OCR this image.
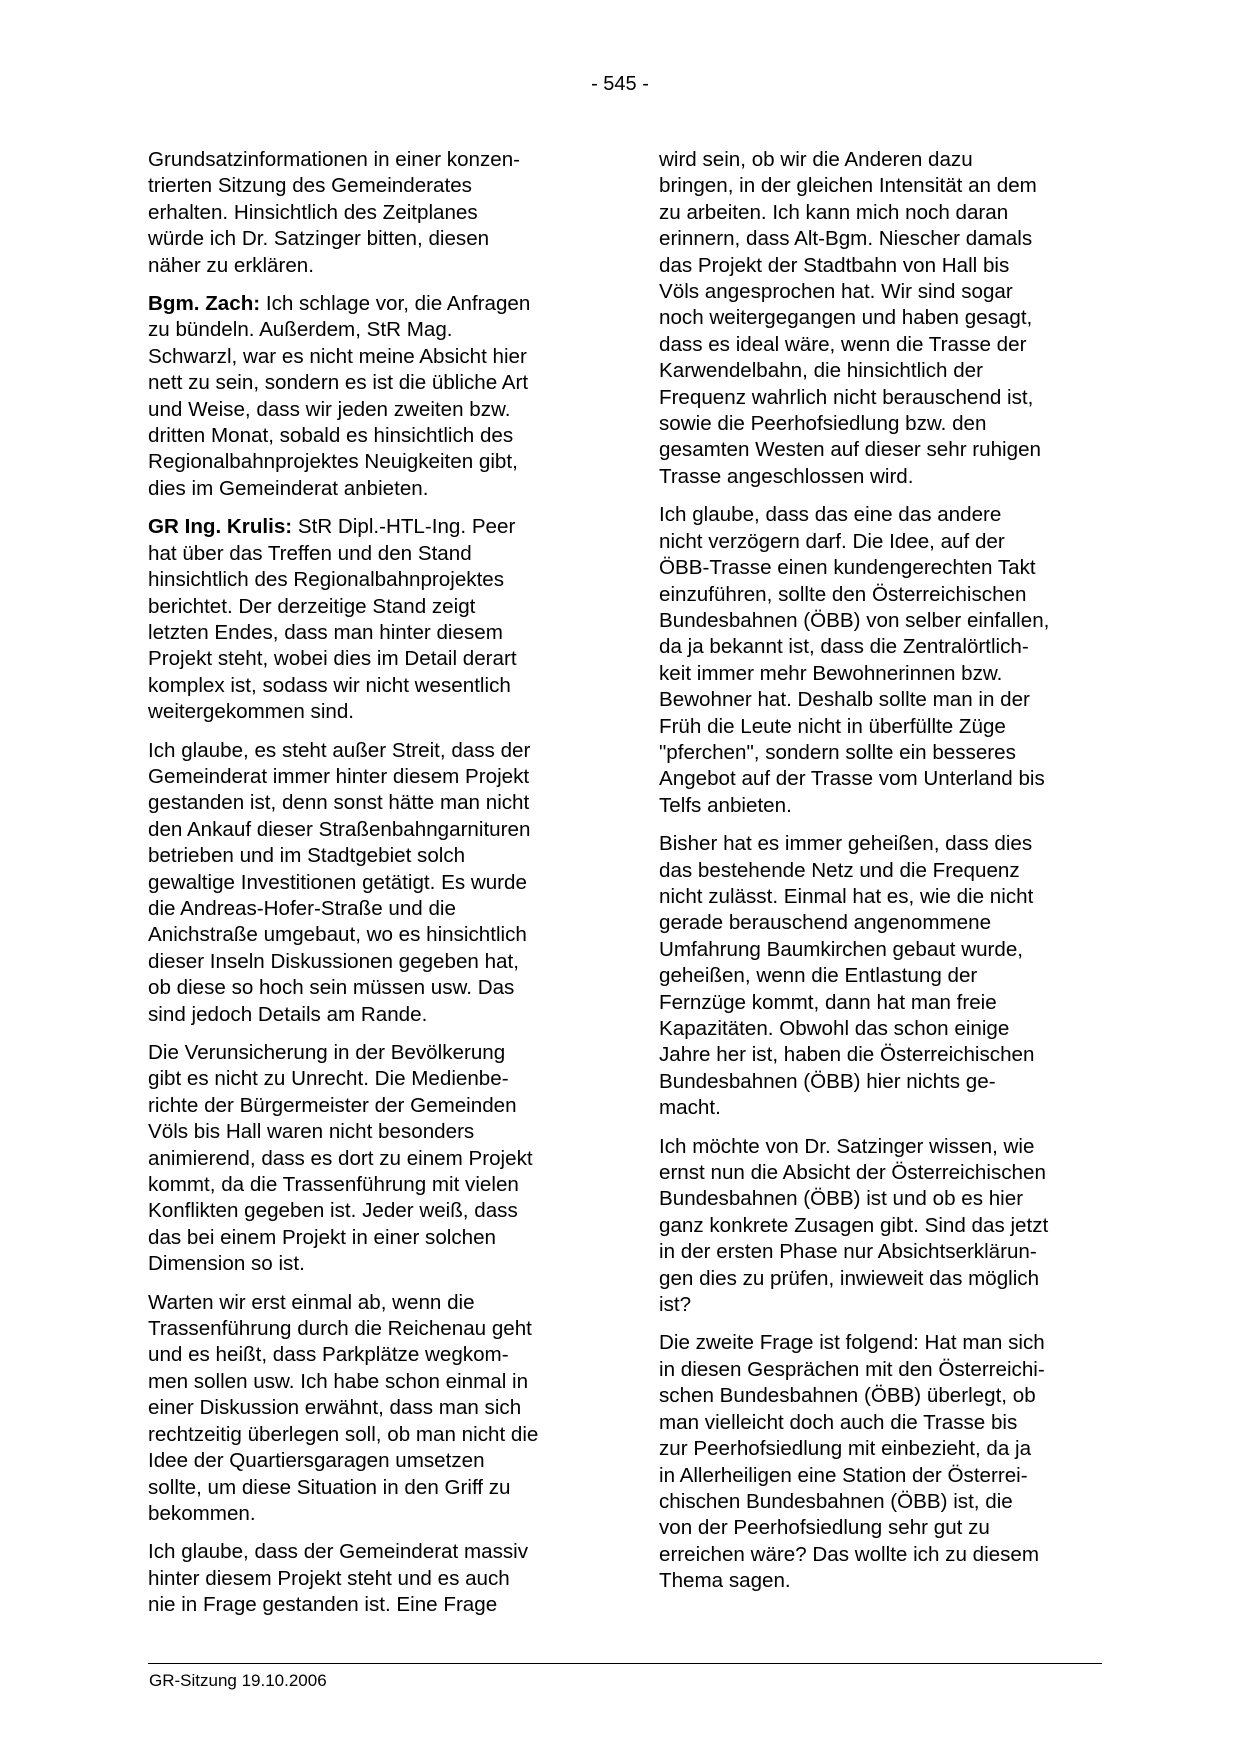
- 545 -

Grundsatzinformationen in einer konzen-
trierten Sitzung des Gemeinderates
erhalten. Hinsichtlich des Zeitplanes
würde ich Dr. Satzinger bitten, diesen
näher zu erklären.

Bgm. Zach: Ich schlage vor, die Anfragen
zu bündeln. Außerdem, StR Mag.
Schwarzl, war es nicht meine Absicht hier
nett zu sein, sondern es ist die übliche Art
und Weise, dass wir jeden zweiten bzw.
dritten Monat, sobald es hinsichtlich des
Regionalbahnprojektes Neuigkeiten gibt,
dies im Gemeinderat anbieten.

GR Ing. Krulis: StR Dipl.-HTL-Ing. Peer
hat über das Treffen und den Stand
hinsichtlich des Regionalbahnprojektes
berichtet. Der derzeitige Stand zeigt
letzten Endes, dass man hinter diesem
Projekt steht, wobei dies im Detail derart
komplex ist, sodass wir nicht wesentlich
weitergekommen sind.

Ich glaube, es steht außer Streit, dass der
Gemeinderat immer hinter diesem Projekt
gestanden ist, denn sonst hätte man nicht
den Ankauf dieser Straßenbahngarnituren
betrieben und im Stadtgebiet solch
gewaltige Investitionen getätigt. Es wurde
die Andreas-Hofer-Straße und die
Anichstraße umgebaut, wo es hinsichtlich
dieser Inseln Diskussionen gegeben hat,
ob diese so hoch sein müssen usw. Das
sind jedoch Details am Rande.

Die Verunsicherung in der Bevölkerung
gibt es nicht zu Unrecht. Die Medienbe-
richte der Bürgermeister der Gemeinden
Völs bis Hall waren nicht besonders
animierend, dass es dort zu einem Projekt
kommt, da die Trassenführung mit vielen
Konflikten gegeben ist. Jeder weiß, dass
das bei einem Projekt in einer solchen
Dimension so ist.

Warten wir erst einmal ab, wenn die
Trassenführung durch die Reichenau geht
und es heißt, dass Parkplätze wegkom-
men sollen usw. Ich habe schon einmal in
einer Diskussion erwähnt, dass man sich
rechtzeitig überlegen soll, ob man nicht die
Idee der Quartiersgaragen umsetzen
sollte, um diese Situation in den Griff zu
bekommen.

Ich glaube, dass der Gemeinderat massiv
hinter diesem Projekt steht und es auch
nie in Frage gestanden ist. Eine Frage

wird sein, ob wir die Anderen dazu
bringen, in der gleichen Intensität an dem
zu arbeiten. Ich kann mich noch daran
erinnern, dass Alt-Bgm. Niescher damals
das Projekt der Stadtbahn von Hall bis
Völs angesprochen hat. Wir sind sogar
noch weitergegangen und haben gesagt,
dass es ideal wäre, wenn die Trasse der
Karwendelbahn, die hinsichtlich der
Frequenz wahrlich nicht berauschend ist,
sowie die Peerhofsiedlung bzw. den
gesamten Westen auf dieser sehr ruhigen
Trasse angeschlossen wird.

Ich glaube, dass das eine das andere
nicht verzögern darf. Die Idee, auf der
ÖBB-Trasse einen kundengerechten Takt
einzuführen, sollte den Österreichischen
Bundesbahnen (ÖBB) von selber einfallen,
da ja bekannt ist, dass die Zentralörtlich-
keit immer mehr Bewohnerinnen bzw.
Bewohner hat. Deshalb sollte man in der
Früh die Leute nicht in überfüllte Züge
"pferchen", sondern sollte ein besseres
Angebot auf der Trasse vom Unterland bis
Telfs anbieten.

Bisher hat es immer geheißen, dass dies
das bestehende Netz und die Frequenz
nicht zulässt. Einmal hat es, wie die nicht
gerade berauschend angenommene
Umfahrung Baumkirchen gebaut wurde,
geheißen, wenn die Entlastung der
Fernzüge kommt, dann hat man freie
Kapazitäten. Obwohl das schon einige
Jahre her ist, haben die Österreichischen
Bundesbahnen (ÖBB) hier nichts ge-
macht.

Ich möchte von Dr. Satzinger wissen, wie
ernst nun die Absicht der Österreichischen
Bundesbahnen (ÖBB) ist und ob es hier
ganz konkrete Zusagen gibt. Sind das jetzt
in der ersten Phase nur Absichtserklärun-
gen dies zu prüfen, inwieweit das möglich
ist?

Die zweite Frage ist folgend: Hat man sich
in diesen Gesprächen mit den Österreichi-
schen Bundesbahnen (ÖBB) überlegt, ob
man vielleicht doch auch die Trasse bis
zur Peerhofsiedlung mit einbezieht, da ja
in Allerheiligen eine Station der Österrei-
chischen Bundesbahnen (ÖBB) ist, die
von der Peerhofsiedlung sehr gut zu
erreichen wäre? Das wollte ich zu diesem
Thema sagen.

GR-Sitzung 19.10.2006
